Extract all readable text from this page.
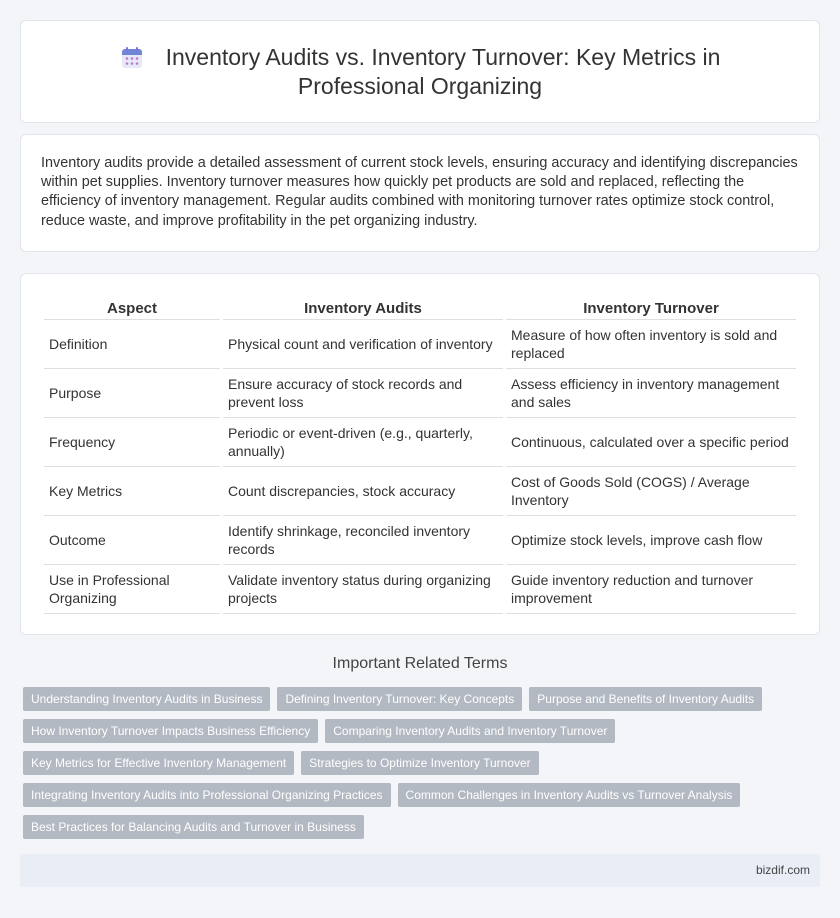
Inventory Audits vs. Inventory Turnover: Key Metrics in
Professional Organizing

Inventory audits provide a detailed assessment of current stock levels, ensuring accuracy and identifying discrepancies within pet supplies. Inventory turnover measures how quickly pet products are sold and replaced, reflecting the efficiency of inventory management. Regular audits combined with monitoring turnover rates optimize stock control, reduce waste, and improve profitability in the pet organizing industry.

Aspect	Inventory Audits	Inventory Turnover
Definition	Physical count and verification of inventory	Measure of how often inventory is sold and replaced
Purpose	Ensure accuracy of stock records and prevent loss	Assess efficiency in inventory management and sales
Frequency	Periodic or event-driven (e.g., quarterly, annually)	Continuous, calculated over a specific period
Key Metrics	Count discrepancies, stock accuracy	Cost of Goods Sold (COGS) / Average Inventory
Outcome	Identify shrinkage, reconciled inventory records	Optimize stock levels, improve cash flow
Use in Professional Organizing	Validate inventory status during organizing projects	Guide inventory reduction and turnover improvement
Important Related Terms
Understanding Inventory Audits in Business	Defining Inventory Turnover: Key Concepts	Purpose and Benefits of Inventory Audits
How Inventory Turnover Impacts Business Efficiency	Comparing Inventory Audits and Inventory Turnover
Key Metrics for Effective Inventory Management	Strategies to Optimize Inventory Turnover
Integrating Inventory Audits into Professional Organizing Practices	Common Challenges in Inventory Audits vs Turnover Analysis
Best Practices for Balancing Audits and Turnover in Business
bizdif.com
